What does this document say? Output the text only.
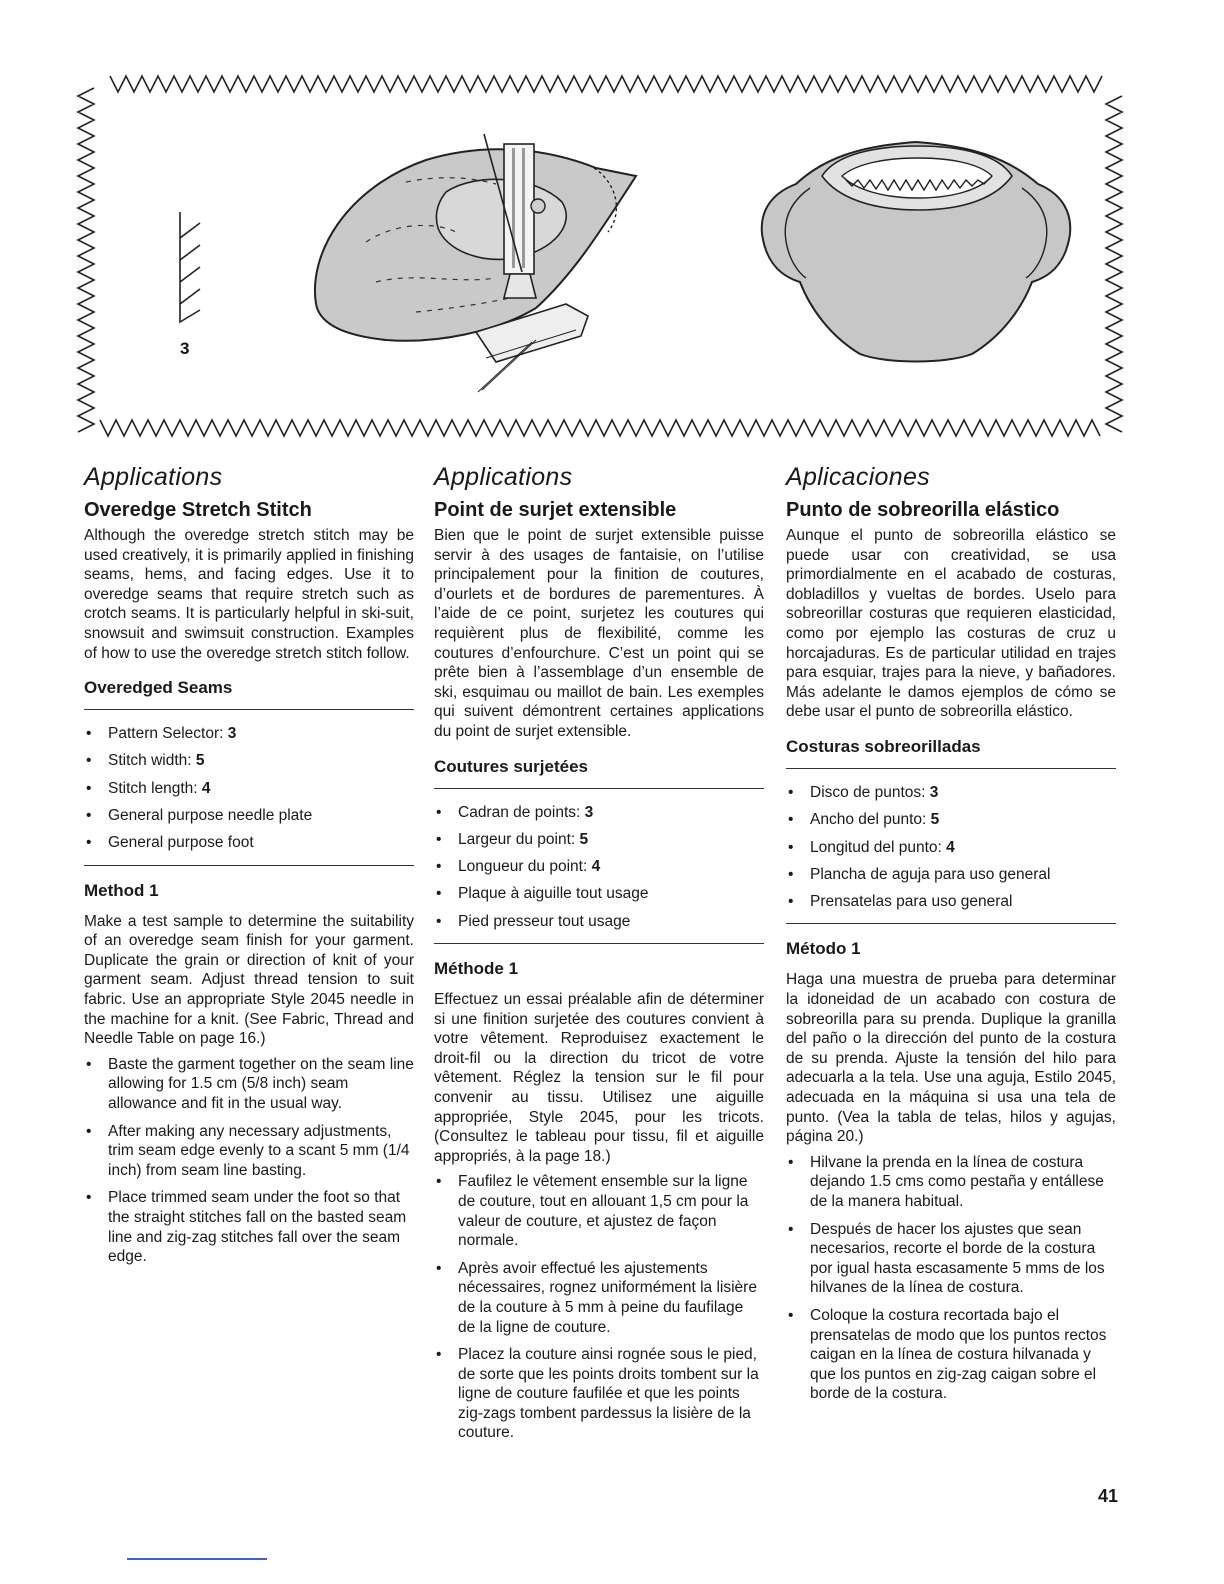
3
Applications
Overedge Stretch Stitch

Although the overedge stretch stitch may be used creatively, it is primarily applied in finishing seams, hems, and facing edges. Use it to overedge seams that require stretch such as crotch seams. It is particularly helpful in ski-suit, snowsuit and swimsuit construction. Examples of how to use the overedge stretch stitch follow.

Overedged Seams
• Pattern Selector: 3
• Stitch width: 5
• Stitch length: 4
• General purpose needle plate
• General purpose foot
Method 1

Make a test sample to determine the suitability of an overedge seam finish for your garment. Duplicate the grain or direction of knit of your garment seam. Adjust thread tension to suit fabric. Use an appropriate Style 2045 needle in the machine for a knit. (See Fabric, Thread and Needle Table on page 16.)

• Baste the garment together on the seam line allowing for 1.5 cm (5/8 inch) seam allowance and fit in the usual way.
• After making any necessary adjustments, trim seam edge evenly to a scant 5 mm (1/4 inch) from seam line basting.
• Place trimmed seam under the foot so that the straight stitches fall on the basted seam line and zig-zag stitches fall over the seam edge.
Applications
Point de surjet extensible

Bien que le point de surjet extensible puisse servir à des usages de fantaisie, on l’utilise principalement pour la finition de coutures, d’ourlets et de bordures de parementures. À l’aide de ce point, surjetez les coutures qui requièrent plus de flexibilité, comme les coutures d’enfourchure. C’est un point qui se prête bien à l’assemblage d’un ensemble de ski, esquimau ou maillot de bain. Les exemples qui suivent démontrent certaines applications du point de surjet extensible.

Coutures surjetées
• Cadran de points: 3
• Largeur du point: 5
• Longueur du point: 4
• Plaque à aiguille tout usage
• Pied presseur tout usage
Méthode 1

Effectuez un essai préalable afin de déterminer si une finition surjetée des coutures convient à votre vêtement. Reproduisez exactement le droit-fil ou la direction du tricot de votre vêtement. Réglez la tension sur le fil pour convenir au tissu. Utilisez une aiguille appropriée, Style 2045, pour les tricots. (Consultez le tableau pour tissu, fil et aiguille appropriés, à la page 18.)

• Faufilez le vêtement ensemble sur la ligne de couture, tout en allouant 1,5 cm pour la valeur de couture, et ajustez de façon normale.
• Après avoir effectué les ajustements nécessaires, rognez uniformément la lisière de la couture à 5 mm à peine du faufilage de la ligne de couture.
• Placez la couture ainsi rognée sous le pied, de sorte que les points droits tombent sur la ligne de couture faufilée et que les points zig-zags tombent pardessus la lisière de la couture.
Aplicaciones
Punto de sobreorilla elástico

Aunque el punto de sobreorilla elástico se puede usar con creatividad, se usa primordialmente en el acabado de costuras, dobladillos y vueltas de bordes. Uselo para sobreorillar costuras que requieren elasticidad, como por ejemplo las costuras de cruz u horcajaduras. Es de particular utilidad en trajes para esquiar, trajes para la nieve, y bañadores. Más adelante le damos ejemplos de cómo se debe usar el punto de sobreorilla elástico.

Costuras sobreorilladas
• Disco de puntos: 3
• Ancho del punto: 5
• Longitud del punto: 4
• Plancha de aguja para uso general
• Prensatelas para uso general
Método 1

Haga una muestra de prueba para determinar la idoneidad de un acabado con costura de sobreorilla para su prenda. Duplique la granilla del paño o la dirección del punto de la costura de su prenda. Ajuste la tensión del hilo para adecuarla a la tela. Use una aguja, Estilo 2045, adecuada en la máquina si usa una tela de punto. (Vea la tabla de telas, hilos y agujas, página 20.)

• Hilvane la prenda en la línea de costura dejando 1.5 cms como pestaña y entállese de la manera habitual.
• Después de hacer los ajustes que sean necesarios, recorte el borde de la costura por igual hasta escasamente 5 mms de los hilvanes de la línea de costura.
• Coloque la costura recortada bajo el prensatelas de modo que los puntos rectos caigan en la línea de costura hilvanada y que los puntos en zig-zag caigan sobre el borde de la costura.
41
